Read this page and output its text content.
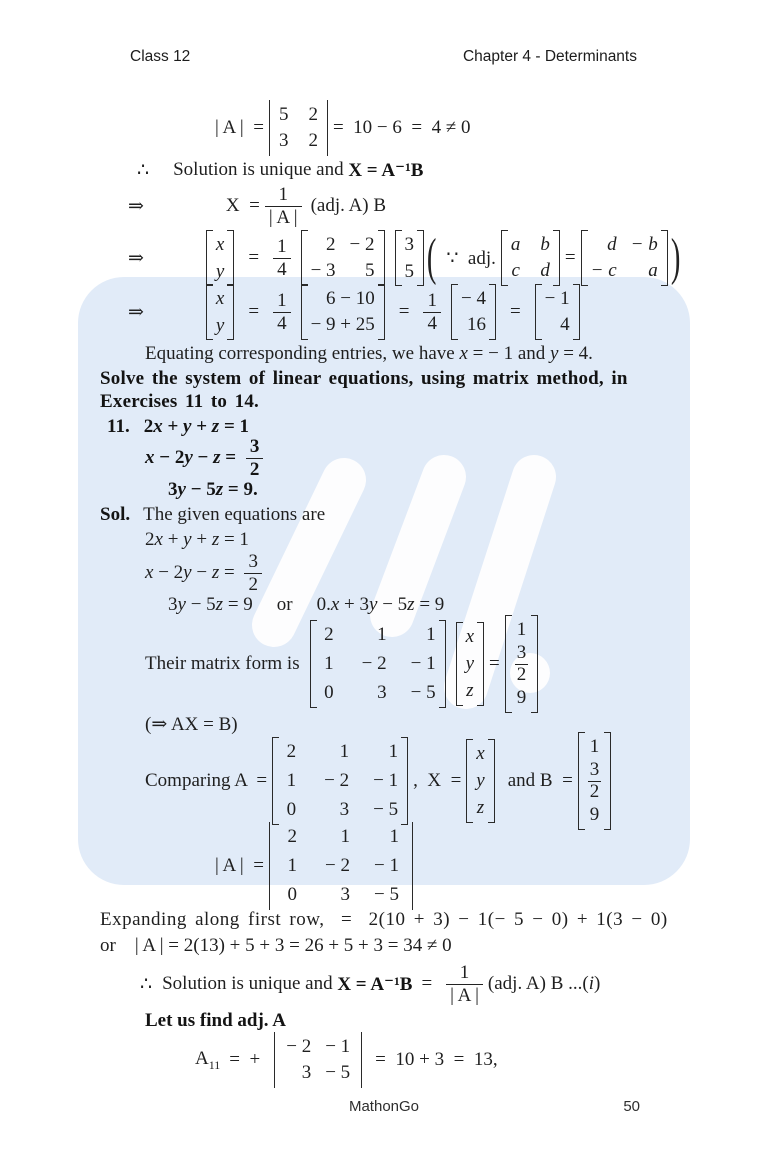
Class 12	Chapter 4 - Determinants
| A |  =
5 2
3 2
=  10 − 6  =  4 ≠ 0
∴ Solution is unique and X = A⁻¹B
⇒	$X = \frac{1}{| A |} (adj$. A) B
⇒
x
y
= $\frac{1}{4} 2 - 2$
− 3 5
3
5 ( ∵  adj.
a b
c d
=
d − b
− c a )
⇒
x
y
= $\frac{1}{4} 6 - 10$
− 9 + 25
= $\frac{1}{4} - 4$
16
=
− 1
4
Equating corresponding entries, we have x = − 1 and y = 4.
Solve the system of linear equations, using matrix method, in
Exercises 11 to 14.
11. 2 x + y + z = 1
x − 2 $y - z = \frac{3}{2}$
3 y − 5 z = 9.
Sol. The given equations are
2 x + y + z = 1
x − 2 $y - z = \frac{3}{2}$
3 y − 5 z = 9 or 0. x + 3 y − 5 z = 9
Their matrix form is
2 1 1
1 − 2 − 1
0 3 − 5
x
y
z
=
1
$\frac{3}{2}$
9
(⇒ AX = B)
Comparing A  =
2 1 1
1 − 2 − 1
0 3 − 5
,  X  =
x
y
z
and B  =
1
$\frac{3}{2}$
9
| A |  =
2 1 1
1 − 2 − 1
0 3 − 5
Expanding along first row,  =  2(10 + 3) − 1(− 5 − 0) + 1(3 − 0)
or    | A | = 2(13) + 5 + 3 = 26 + 5 + 3 = 34 ≠ 0
∴ Solution is unique and $X = A^{-1}B = \frac{1}{| A |} (adj$. A) B ...( i )
Let us find adj. A
$A_{11}$ =  +
− 2 − 1
3 − 5
=  10 + 3  =  13,
MathonGo	50
